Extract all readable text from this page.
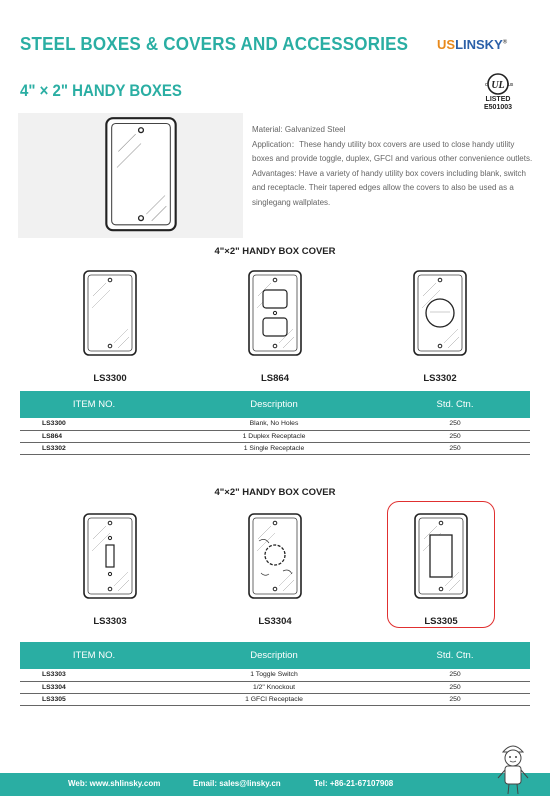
STEEL BOXES & COVERS AND ACCESSORIES USLINSKY®
4" × 2" HANDY BOXES	UL
c	us
LISTED
E501003

Material: Galvanized Steel

Application：These handy utility box covers are used to close handy utility boxes and provide toggle, duplex, GFCI and various other convenience outlets.

Advantages: Have a variety of handy utility box covers including blank, switch and receptacle. Their tapered edges allow the covers to also be used as a singlegang wallplates.

4"×2" HANDY BOX COVER
LS3300	LS864	LS3302
ITEM NO.	Description	Std. Ctn.
LS3300	Blank, No Holes	250
LS864	1 Duplex Receptacle	250
LS3302	1 Single Receptacle	250
4"×2" HANDY BOX COVER
LS3303	LS3304	LS3305
ITEM NO.	Description	Std. Ctn.
LS3303	1 Toggle Switch	250
LS3304	1/2" Knockout	250
LS3305	1 GFCI Receptacle	250
Web: www.shlinsky.com	Email: sales@linsky.cn	Tel: +86-21-67107908
